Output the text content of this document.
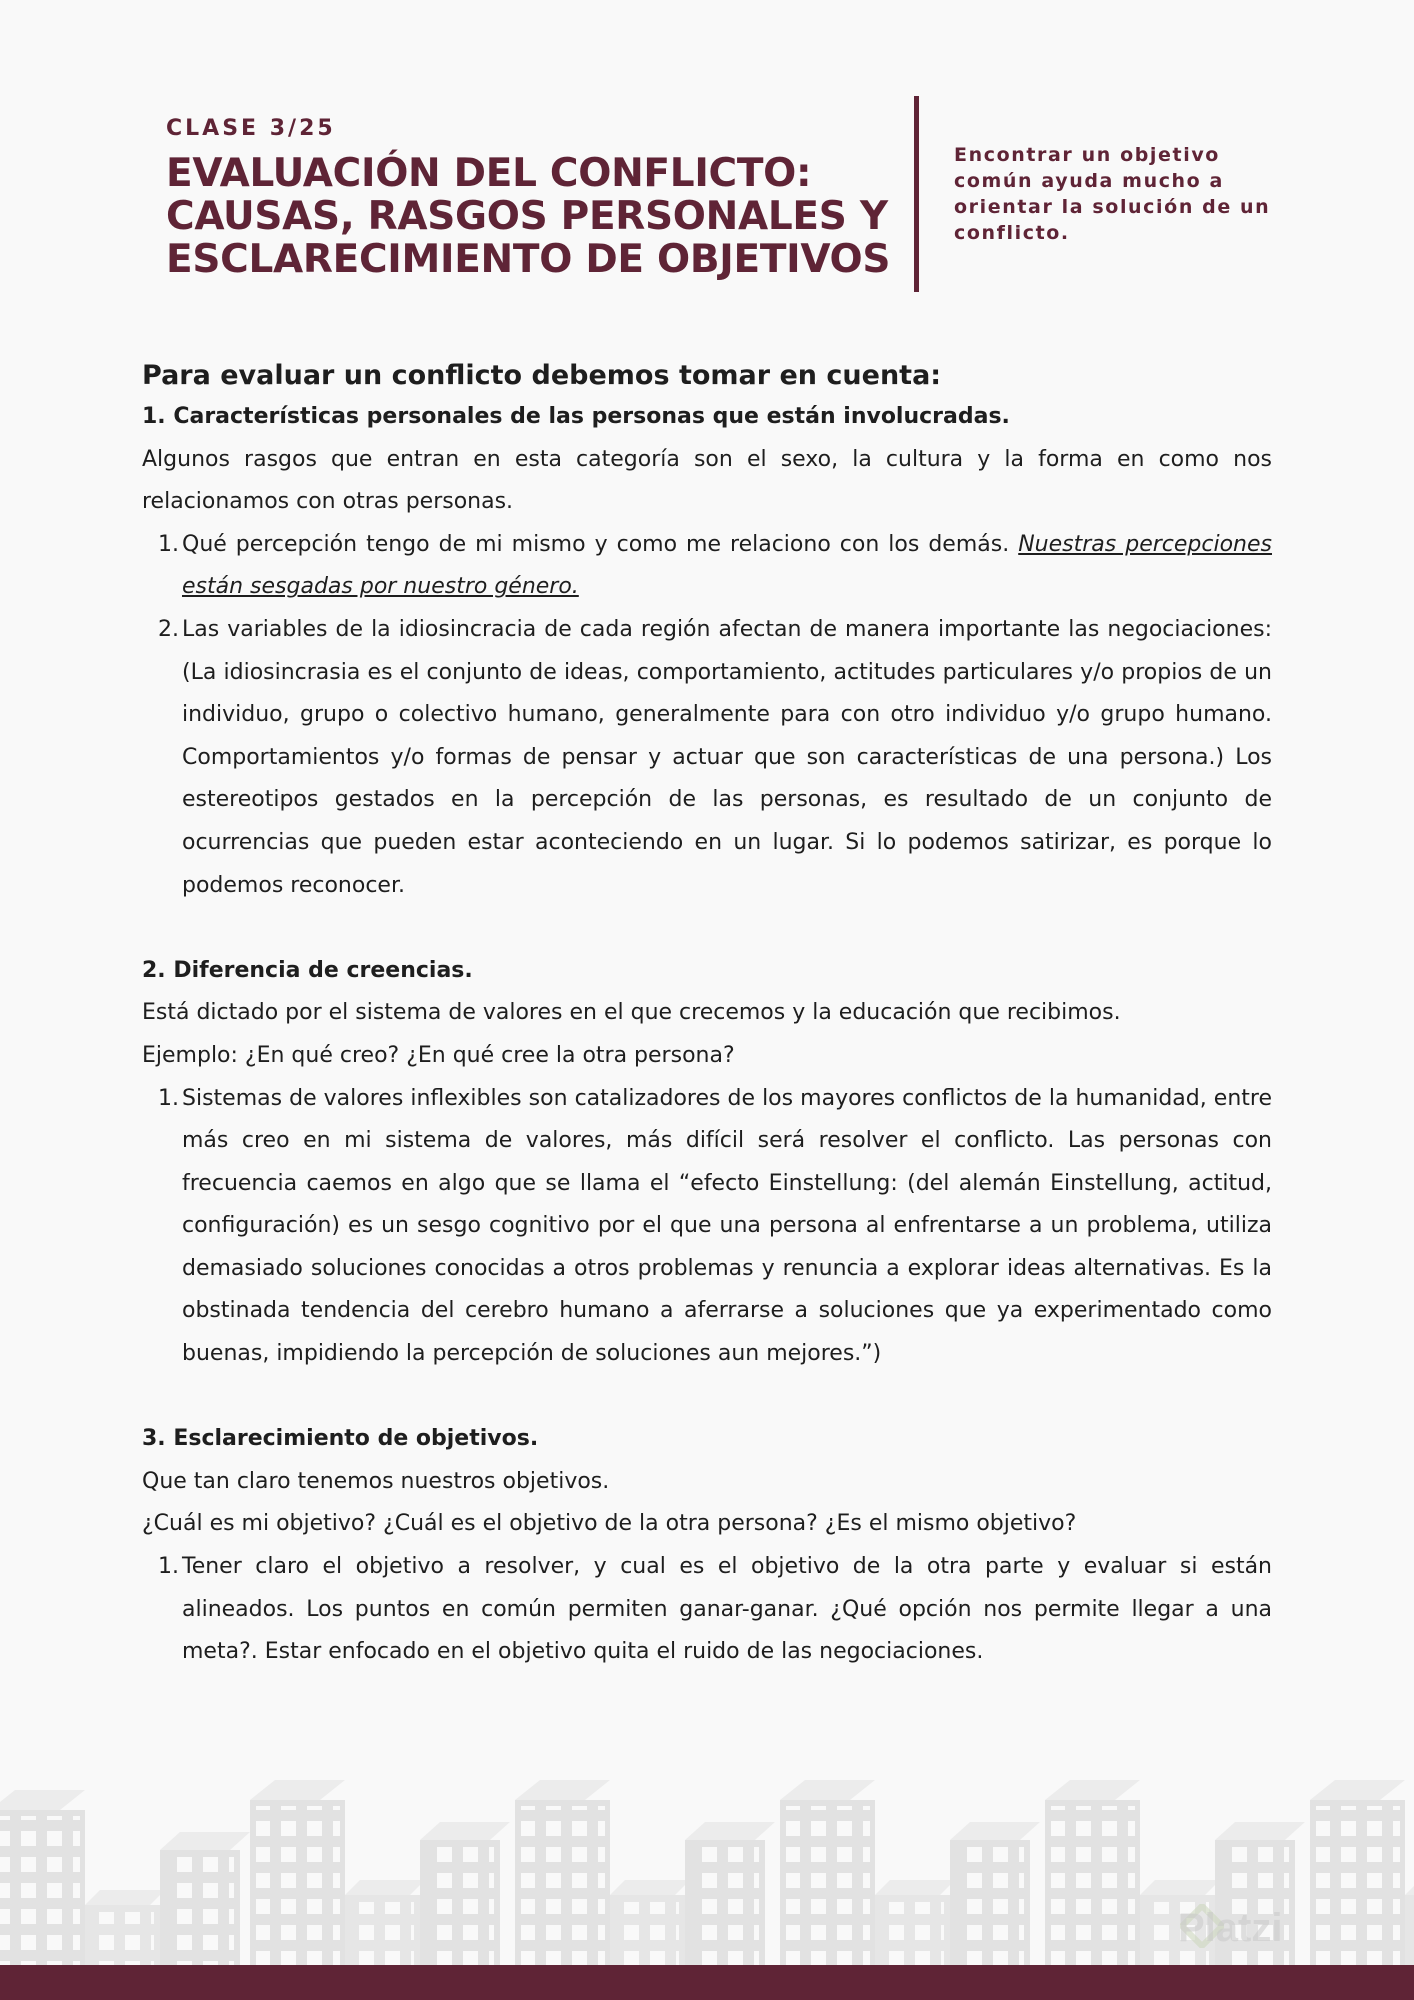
CLASE 3/25
EVALUACIÓN DEL CONFLICTO: CAUSAS, RASGOS PERSONALES Y ESCLARECIMIENTO DE OBJETIVOS
Encontrar un objetivo común ayuda mucho a orientar la solución de un conflicto.

Para evaluar un conflicto debemos tomar en cuenta:

1. Características personales de las personas que están involucradas.

Algunos rasgos que entran en esta categoría son el sexo, la cultura y la forma en como nos relacionamos con otras personas.

1. Qué percepción tengo de mi mismo y como me relaciono con los demás. Nuestras percepciones están sesgadas por nuestro género.
2. Las variables de la idiosincracia de cada región afectan de manera importante las negociaciones: (La idiosincrasia es el conjunto de ideas, comportamiento, actitudes particulares y/o propios de un individuo, grupo o colectivo humano, generalmente para con otro individuo y/o grupo humano. Comportamientos y/o formas de pensar y actuar que son características de una persona.) Los estereotipos gestados en la percepción de las personas, es resultado de un conjunto de ocurrencias que pueden estar aconteciendo en un lugar. Si lo podemos satirizar, es porque lo podemos reconocer.

2. Diferencia de creencias.

Está dictado por el sistema de valores en el que crecemos y la educación que recibimos.

Ejemplo: ¿En qué creo? ¿En qué cree la otra persona?

1. Sistemas de valores inflexibles son catalizadores de los mayores conflictos de la humanidad, entre más creo en mi sistema de valores, más difícil será resolver el conflicto. Las personas con frecuencia caemos en algo que se llama el “efecto Einstellung: (del alemán Einstellung, actitud, configuración) es un sesgo cognitivo por el que una persona al enfrentarse a un problema, utiliza demasiado soluciones conocidas a otros problemas y renuncia a explorar ideas alternativas. Es la obstinada tendencia del cerebro humano a aferrarse a soluciones que ya experimentado como buenas, impidiendo la percepción de soluciones aun mejores.”)

3. Esclarecimiento de objetivos.

Que tan claro tenemos nuestros objetivos.

¿Cuál es mi objetivo? ¿Cuál es el objetivo de la otra persona? ¿Es el mismo objetivo?

1. Tener claro el objetivo a resolver, y cual es el objetivo de la otra parte y evaluar si están alineados. Los puntos en común permiten ganar-ganar. ¿Qué opción nos permite llegar a una meta?. Estar enfocado en el objetivo quita el ruido de las negociaciones.
Platzi
